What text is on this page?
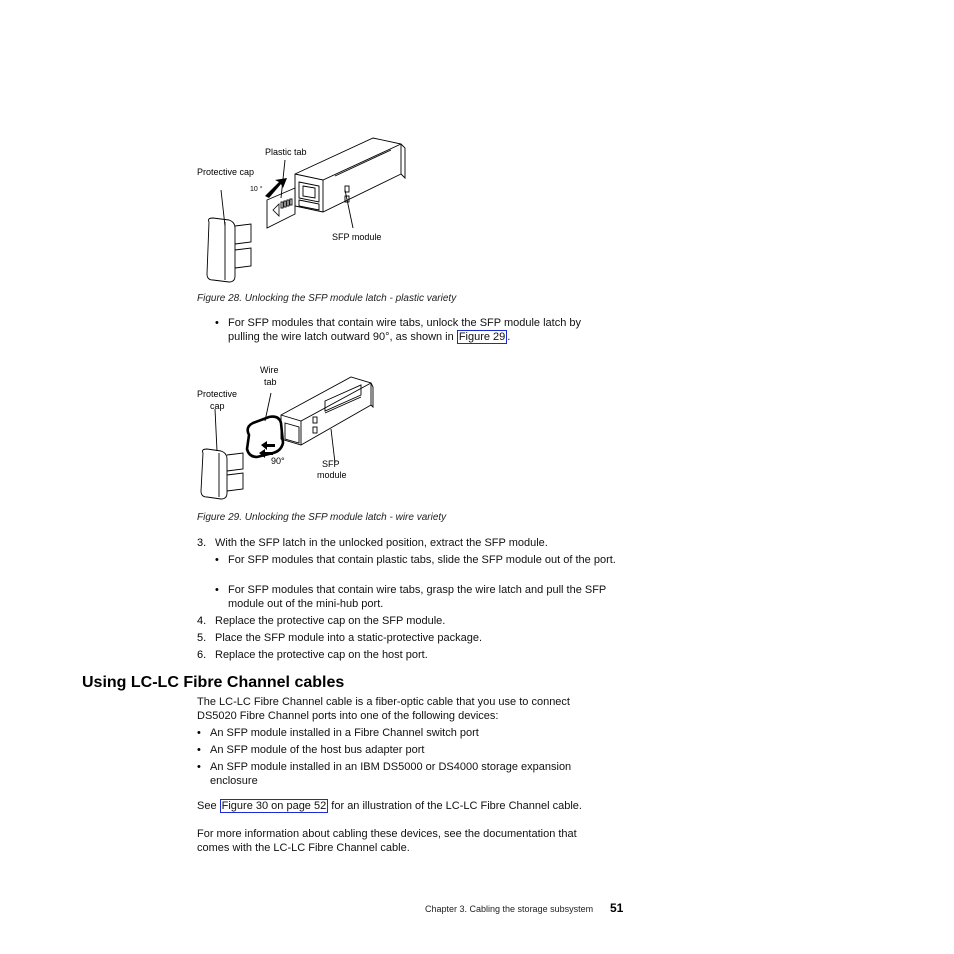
Plastic tab
Protective cap
10 °
SFP module
Figure 28. Unlocking the SFP module latch - plastic variety
• For SFP modules that contain wire tabs, unlock the SFP module latch by pulling the wire latch outward 90°, as shown in Figure 29 .
Wire
tab
Protective
cap
90°	SFP
module
Figure 29. Unlocking the SFP module latch - wire variety
3. With the SFP latch in the unlocked position, extract the SFP module.
• For SFP modules that contain plastic tabs, slide the SFP module out of the port.
• For SFP modules that contain wire tabs, grasp the wire latch and pull the SFP module out of the mini-hub port.
4. Replace the protective cap on the SFP module.
5. Place the SFP module into a static-protective package.
6. Replace the protective cap on the host port.
Using LC-LC Fibre Channel cables
The LC-LC Fibre Channel cable is a fiber-optic cable that you use to connect DS5020 Fibre Channel ports into one of the following devices:
• An SFP module installed in a Fibre Channel switch port
• An SFP module of the host bus adapter port
• An SFP module installed in an IBM DS5000 or DS4000 storage expansion enclosure
See Figure 30 on page 52 for an illustration of the LC-LC Fibre Channel cable.
For more information about cabling these devices, see the documentation that comes with the LC-LC Fibre Channel cable.
Chapter 3. Cabling the storage subsystem 51
